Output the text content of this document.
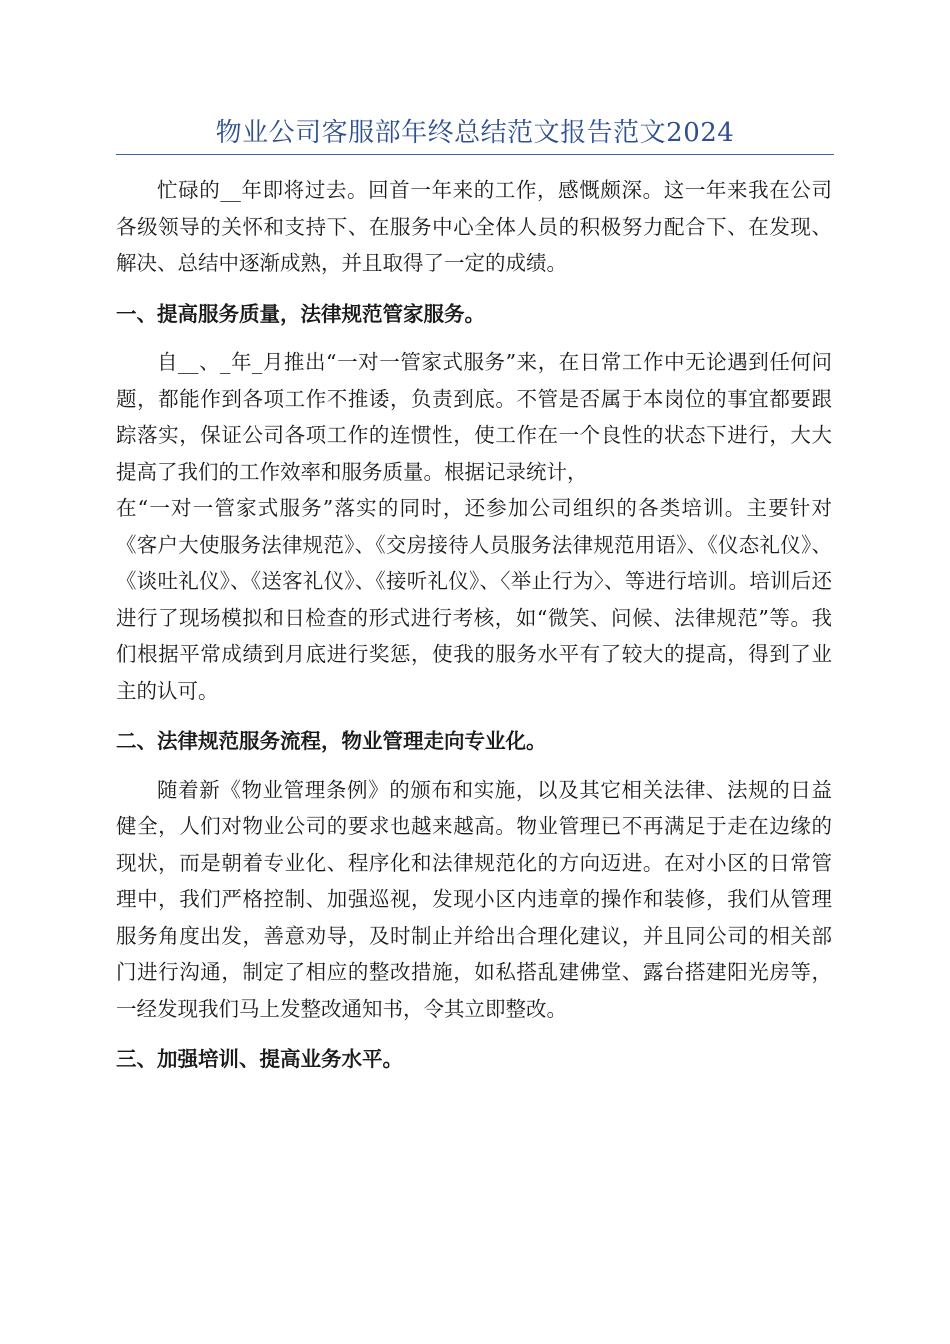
物业公司客服部年终总结范文报告范文2024

忙碌的__年即将过去。回首一年来的工作，感慨颇深。这一年来我在公司各级领导的关怀和支持下、在服务中心全体人员的积极努力配合下、在发现、解决、总结中逐渐成熟，并且取得了一定的成绩。

一、提高服务质量，法律规范管家服务。

自__、_年_月推出“一对一管家式服务”来，在日常工作中无论遇到任何问题，都能作到各项工作不推诿，负责到底。不管是否属于本岗位的事宜都要跟踪落实，保证公司各项工作的连惯性，使工作在一个良性的状态下进行，大大提高了我们的工作效率和服务质量。根据记录统计，

在“一对一管家式服务”落实的同时，还参加公司组织的各类培训。主要针对《客户大使服务法律规范》、《交房接待人员服务法律规范用语》、《仪态礼仪》、《谈吐礼仪》、《送客礼仪》、《接听礼仪》、〈举止行为〉、等进行培训。培训后还进行了现场模拟和日检查的形式进行考核，如“微笑、问候、法律规范”等。我们根据平常成绩到月底进行奖惩，使我的服务水平有了较大的提高，得到了业主的认可。

二、法律规范服务流程，物业管理走向专业化。

随着新《物业管理条例》的颁布和实施，以及其它相关法律、法规的日益健全，人们对物业公司的要求也越来越高。物业管理已不再满足于走在边缘的现状，而是朝着专业化、程序化和法律规范化的方向迈进。在对小区的日常管理中，我们严格控制、加强巡视，发现小区内违章的操作和装修，我们从管理服务角度出发，善意劝导，及时制止并给出合理化建议，并且同公司的相关部门进行沟通，制定了相应的整改措施，如私搭乱建佛堂、露台搭建阳光房等，一经发现我们马上发整改通知书，令其立即整改。

三、加强培训、提高业务水平。
